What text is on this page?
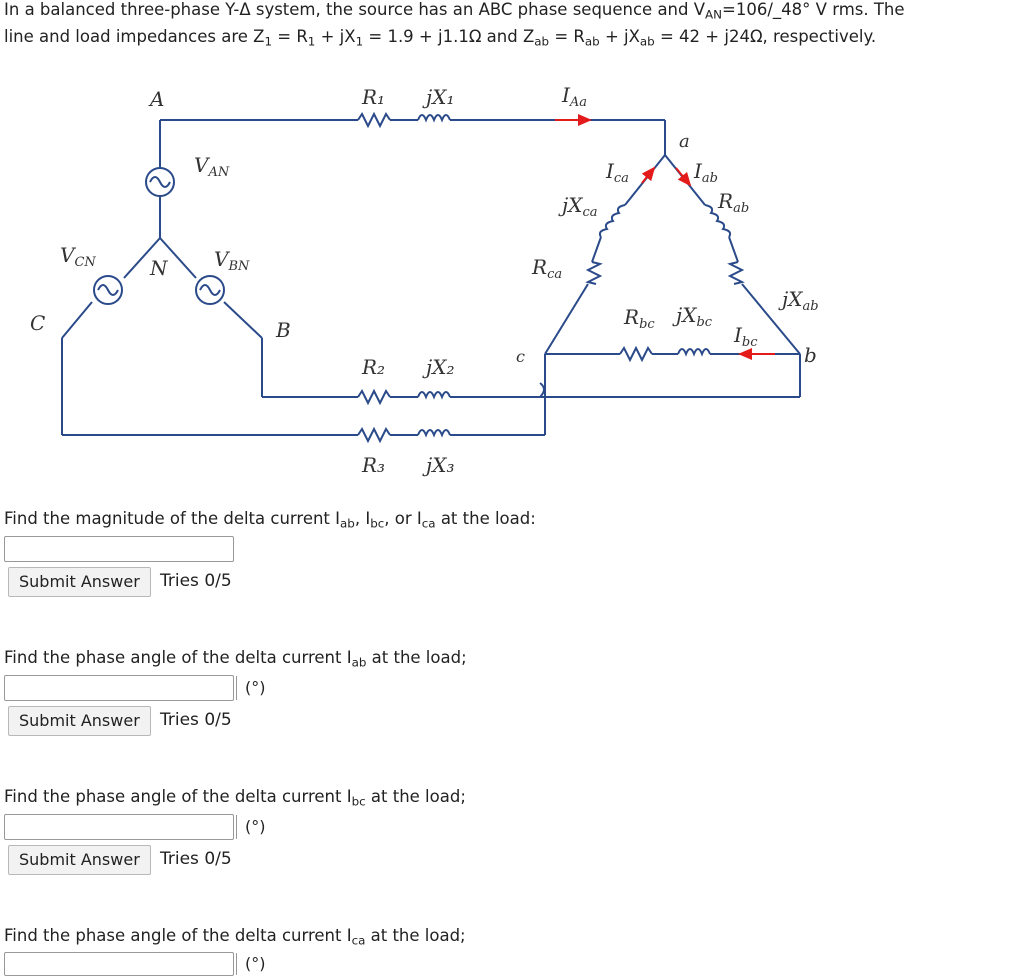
In a balanced three-phase Y-Δ system, the source has an ABC phase sequence and $V_{AN}=106/\_48^\circ$ V rms. The
line and load impedances are $Z_1 = R_1 + jX_1 = 1.9 + j1.1\Omega$ and $Z_{ab} = R_{ab} + jX_{ab} = 42 + j24\Omega$, respectively.
A
B
C
N
a
b
c
R₁ jX₁
R₂ jX₂
R₃ jX₃
$V_{AN}$
$V_{BN}$
$V_{CN}$
$I_{Aa}$
$I_{ca}$	$I_{ab}$
$I_{bc}$
$R_{ab}$
$jX_{ca}$
$R_{ca}$
$R_{bc}$ $jX_{bc}$
$jX_{ab}$
Find the magnitude of the delta current $I_{ab}$, $I_{bc}$, or $I_{ca}$ at the load:
Submit Answer	Tries 0/5
Find the phase angle of the delta current $I_{ab}$ at the load;
(°)
Submit Answer	Tries 0/5
Find the phase angle of the delta current $I_{bc}$ at the load;
(°)
Submit Answer	Tries 0/5
Find the phase angle of the delta current $I_{ca}$ at the load;
(°)
